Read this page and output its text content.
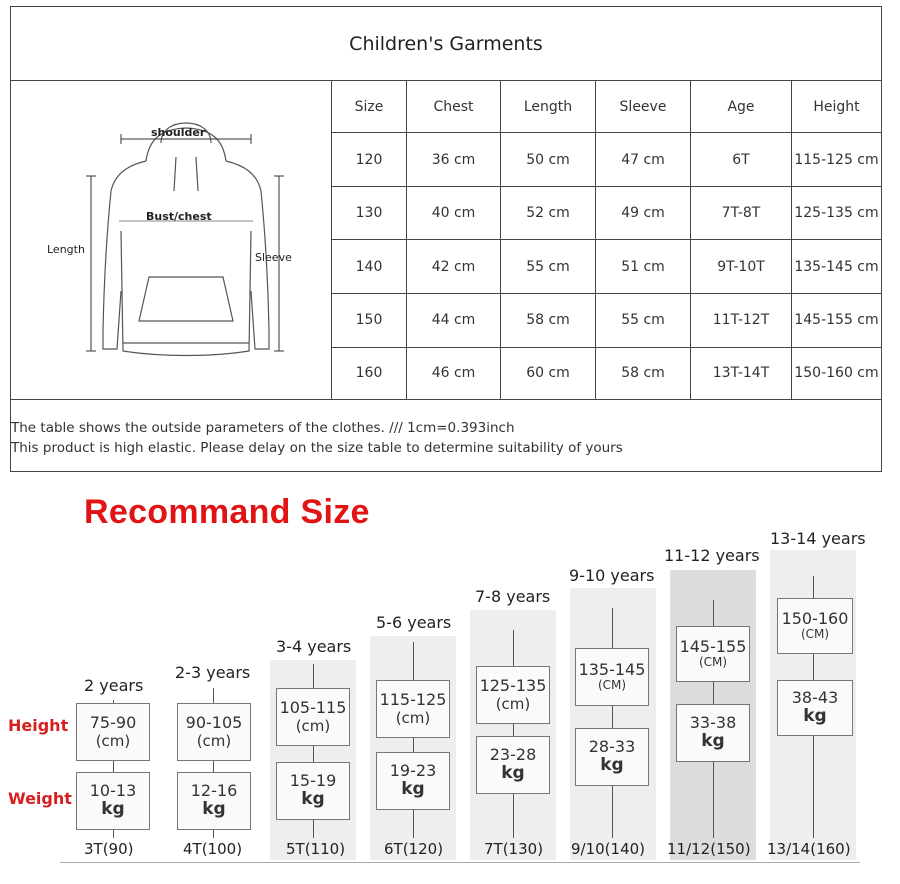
Children's Garments
shoulder
Bust/chest
Length
Sleeve
Size	Chest	Length	Sleeve	Age	Height
120	36 cm	50 cm	47 cm	6T	115-125 cm
130	40 cm	52 cm	49 cm	7T-8T	125-135 cm
140	42 cm	55 cm	51 cm	9T-10T	135-145 cm
150	44 cm	58 cm	55 cm	11T-12T	145-155 cm
160	46 cm	60 cm	58 cm	13T-14T	150-160 cm
The table shows the outside parameters of the clothes. /// 1cm=0.393inch
This product is high elastic. Please delay on the size table to determine suitability of yours
Recommand Size
Height
Weight
2 years
75-90
(cm)
10-13
kg
3T(90)
2-3 years
90-105
(cm)
12-16
kg
4T(100)
3-4 years
105-115
(cm)
15-19
kg
5T(110)
5-6 years
115-125
(cm)
19-23
kg
6T(120)
7-8 years
125-135
(cm)
23-28
kg
7T(130)
9-10 years
135-145
(CM)
28-33
kg
9/10(140)
11-12 years
145-155
(CM)
33-38
kg
11/12(150)
13-14 years
150-160
(CM)
38-43
kg
13/14(160)
